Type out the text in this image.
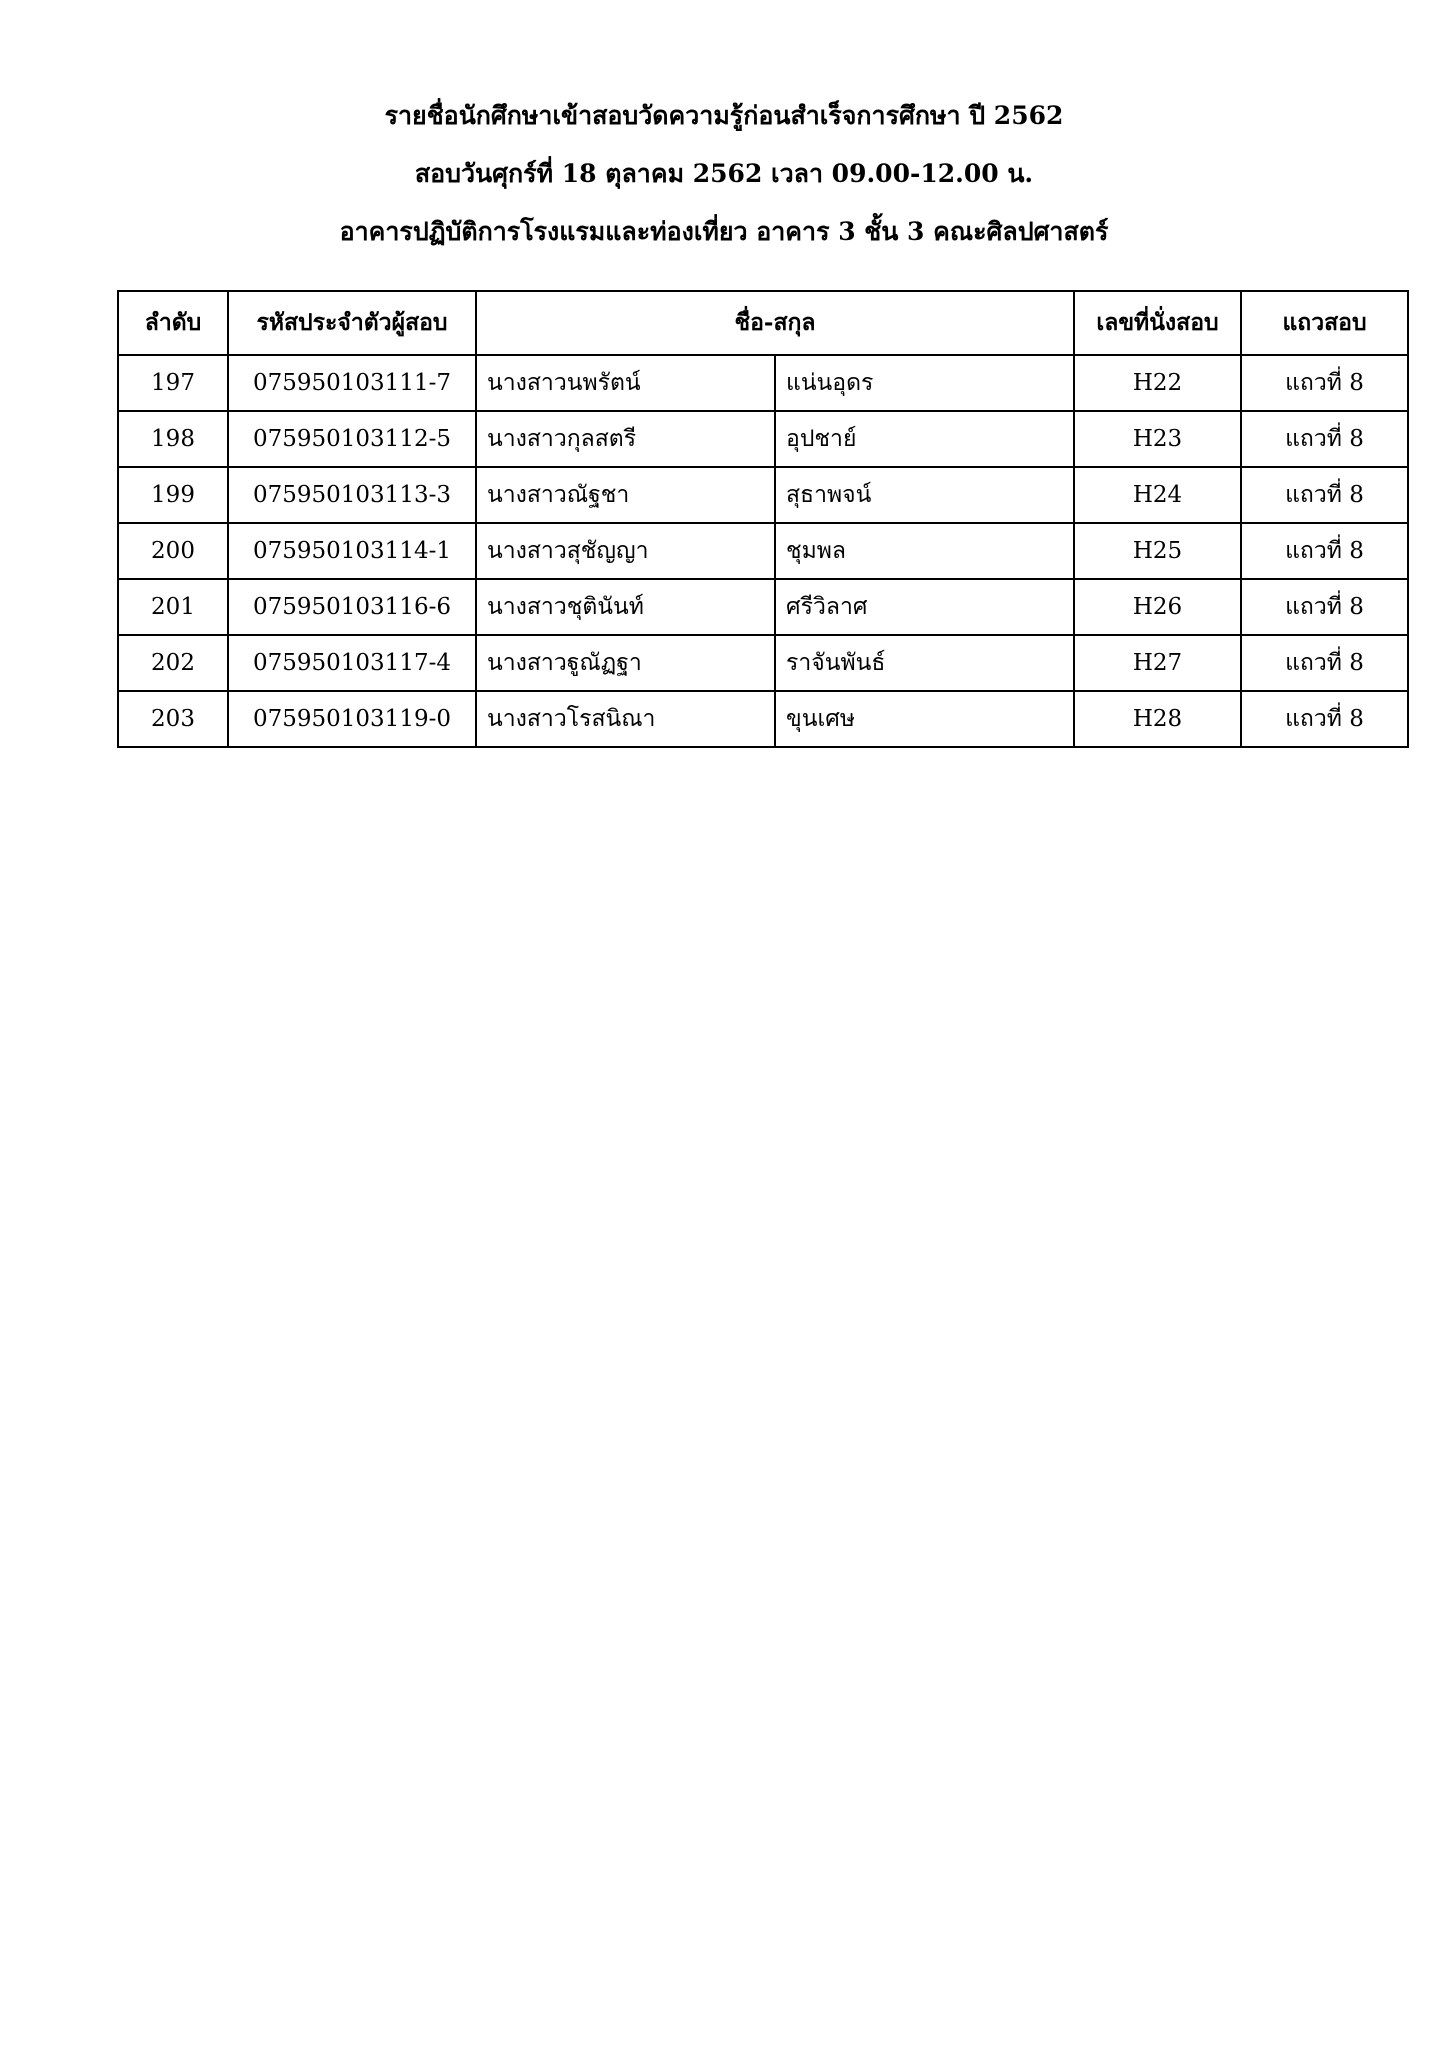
รายชื่อนักศึกษาเข้าสอบวัดความรู้ก่อนสำเร็จการศึกษา ปี 2562
สอบวันศุกร์ที่ 18 ตุลาคม 2562 เวลา 09.00-12.00 น.
อาคารปฏิบัติการโรงแรมและท่องเที่ยว อาคาร 3 ชั้น 3 คณะศิลปศาสตร์
ลำดับ	รหัสประจำตัวผู้สอบ	ชื่อ-สกุล		เลขที่นั่งสอบ	แถวสอบ
197	075950103111-7	นางสาวนพรัตน์	แน่นอุดร	H22	แถวที่ 8
198	075950103112-5	นางสาวกุลสตรี	อุปชาย์	H23	แถวที่ 8
199	075950103113-3	นางสาวณัฐชา	สุธาพจน์	H24	แถวที่ 8
200	075950103114-1	นางสาวสุชัญญา	ชุมพล	H25	แถวที่ 8
201	075950103116-6	นางสาวชุตินันท์	ศรีวิลาศ	H26	แถวที่ 8
202	075950103117-4	นางสาวฐูณัฏฐา	ราจันพันธ์	H27	แถวที่ 8
203	075950103119-0	นางสาวโรสนิณา	ขุนเศษ	H28	แถวที่ 8
